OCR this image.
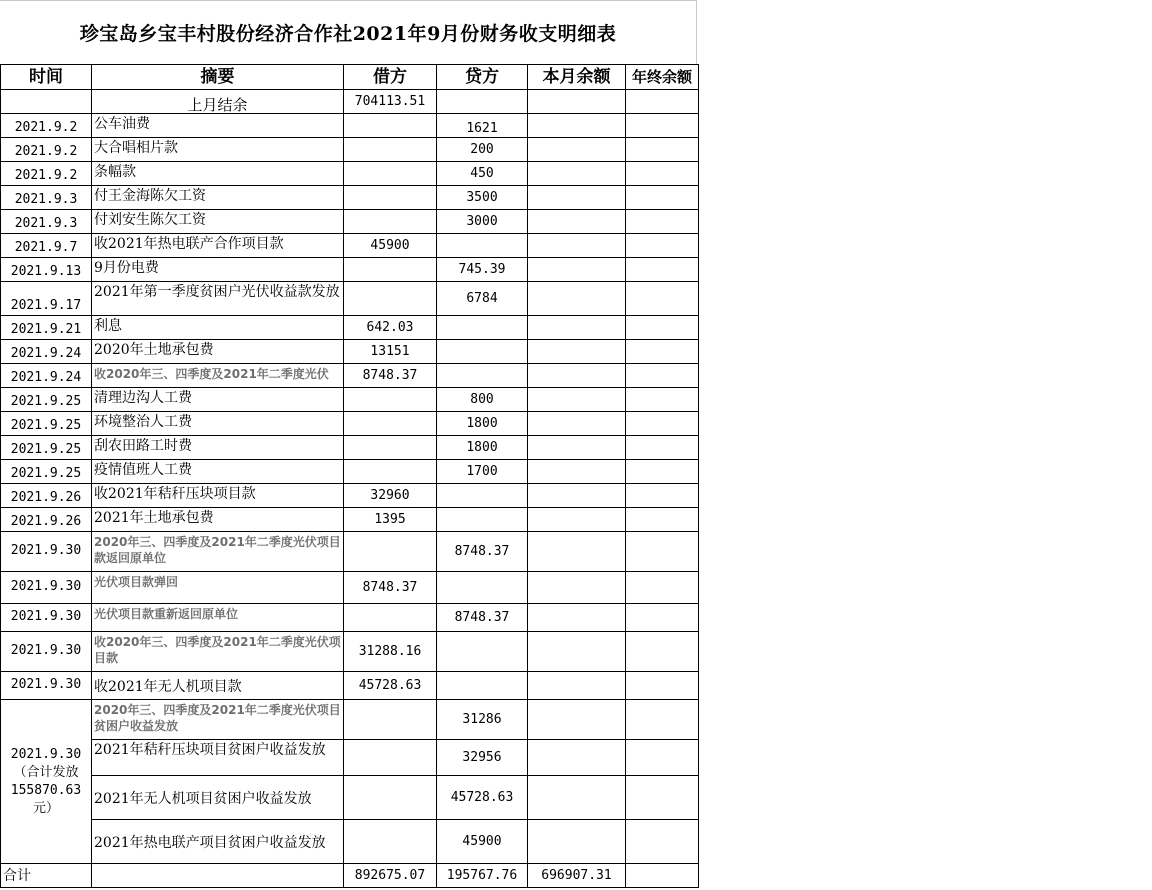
珍宝岛乡宝丰村股份经济合作社2021年9月份财务收支明细表
时间	摘要	借方	贷方	本月余额	年终余额
	上月结余	704113.51			
2021.9.2	公车油费		1621		
2021.9.2	大合唱相片款		200		
2021.9.2	条幅款		450		
2021.9.3	付王金海陈欠工资		3500		
2021.9.3	付刘安生陈欠工资		3000		
2021.9.7	收2021年热电联产合作项目款	45900			
2021.9.13	9月份电费		745.39		
2021.9.17	2021年第一季度贫困户光伏收益款发放		6784		
2021.9.21	利息	642.03			
2021.9.24	2020年土地承包费	13151			
2021.9.24	收2020年三、四季度及2021年二季度光伏	8748.37			
2021.9.25	清理边沟人工费		800		
2021.9.25	环境整治人工费		1800		
2021.9.25	刮农田路工时费		1800		
2021.9.25	疫情值班人工费		1700		
2021.9.26	收2021年秸秆压块项目款	32960			
2021.9.26	2021年土地承包费	1395			
2021.9.30	2020年三、四季度及2021年二季度光伏项目款返回原单位		8748.37		
2021.9.30	光伏项目款弹回	8748.37			
2021.9.30	光伏项目款重新返回原单位		8748.37		
2021.9.30	收2020年三、四季度及2021年二季度光伏项目款	31288.16			
2021.9.30	收2021年无人机项目款	45728.63			
2021.9.30（合计发放155870.63元）	2020年三、四季度及2021年二季度光伏项目贫困户收益发放		31286		
	2021年秸秆压块项目贫困户收益发放		32956		
	2021年无人机项目贫困户收益发放		45728.63		
	2021年热电联产项目贫困户收益发放		45900		
合计		892675.07	195767.76	696907.31	
